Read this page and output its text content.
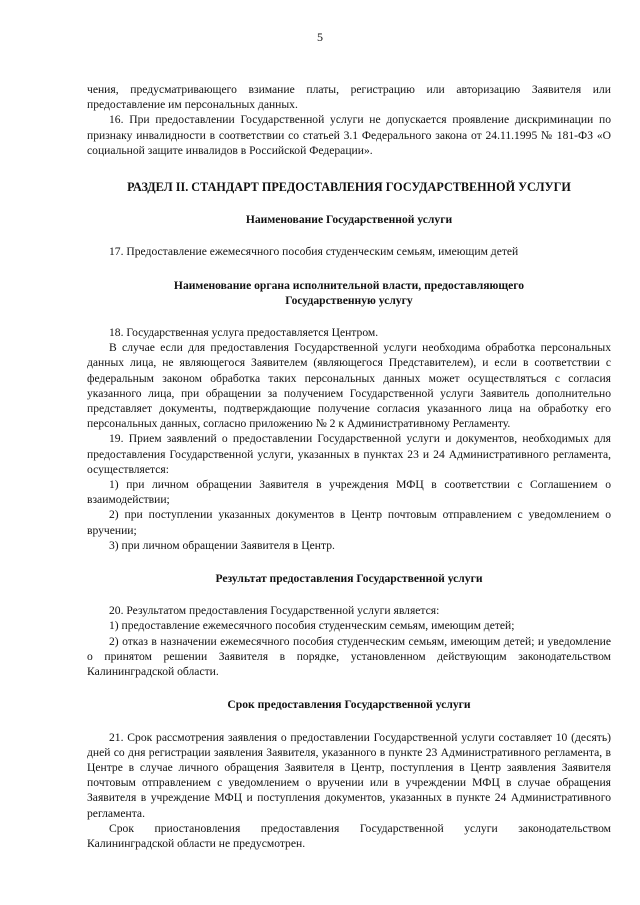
5

чения, предусматривающего взимание платы, регистрацию или авторизацию Заявителя или предоставление им персональных данных.

16. При предоставлении Государственной услуги не допускается проявление дискриминации по признаку инвалидности в соответствии со статьей 3.1 Федерального закона от 24.11.1995 № 181-ФЗ «О социальной защите инвалидов в Российской Федерации».

РАЗДЕЛ II. СТАНДАРТ ПРЕДОСТАВЛЕНИЯ ГОСУДАРСТВЕННОЙ УСЛУГИ
Наименование Государственной услуги

17. Предоставление ежемесячного пособия студенческим семьям, имеющим детей

Наименование органа исполнительной власти, предоставляющего
Государственную услугу

18. Государственная услуга предоставляется Центром.

В случае если для предоставления Государственной услуги необходима обработка персональных данных лица, не являющегося Заявителем (являющегося Представителем), и если в соответствии с федеральным законом обработка таких персональных данных может осуществляться с согласия указанного лица, при обращении за получением Государственной услуги Заявитель дополнительно представляет документы, подтверждающие получение согласия указанного лица на обработку его персональных данных, согласно приложению № 2 к Административному Регламенту.

19. Прием заявлений о предоставлении Государственной услуги и документов, необходимых для предоставления Государственной услуги, указанных в пунктах 23 и 24 Административного регламента, осуществляется:

1) при личном обращении Заявителя в учреждения МФЦ в соответствии с Соглашением о взаимодействии;

2) при поступлении указанных документов в Центр почтовым отправлением с уведомлением о вручении;

3) при личном обращении Заявителя в Центр.

Результат предоставления Государственной услуги

20. Результатом предоставления Государственной услуги является:

1) предоставление ежемесячного пособия студенческим семьям, имеющим детей;

2) отказ в назначении ежемесячного пособия студенческим семьям, имеющим детей; и уведомление о принятом решении Заявителя в порядке, установленном действующим законодательством Калининградской области.

Срок предоставления Государственной услуги

21. Срок рассмотрения заявления о предоставлении Государственной услуги составляет 10 (десять) дней со дня регистрации заявления Заявителя, указанного в пункте 23 Административного регламента, в Центре в случае личного обращения Заявителя в Центр, поступления в Центр заявления Заявителя почтовым отправлением с уведомлением о вручении или в учреждении МФЦ в случае обращения Заявителя в учреждение МФЦ и поступления документов, указанных в пункте 24 Административного регламента.

Срок приостановления предоставления Государственной услуги законодательством Калининградской области не предусмотрен.
